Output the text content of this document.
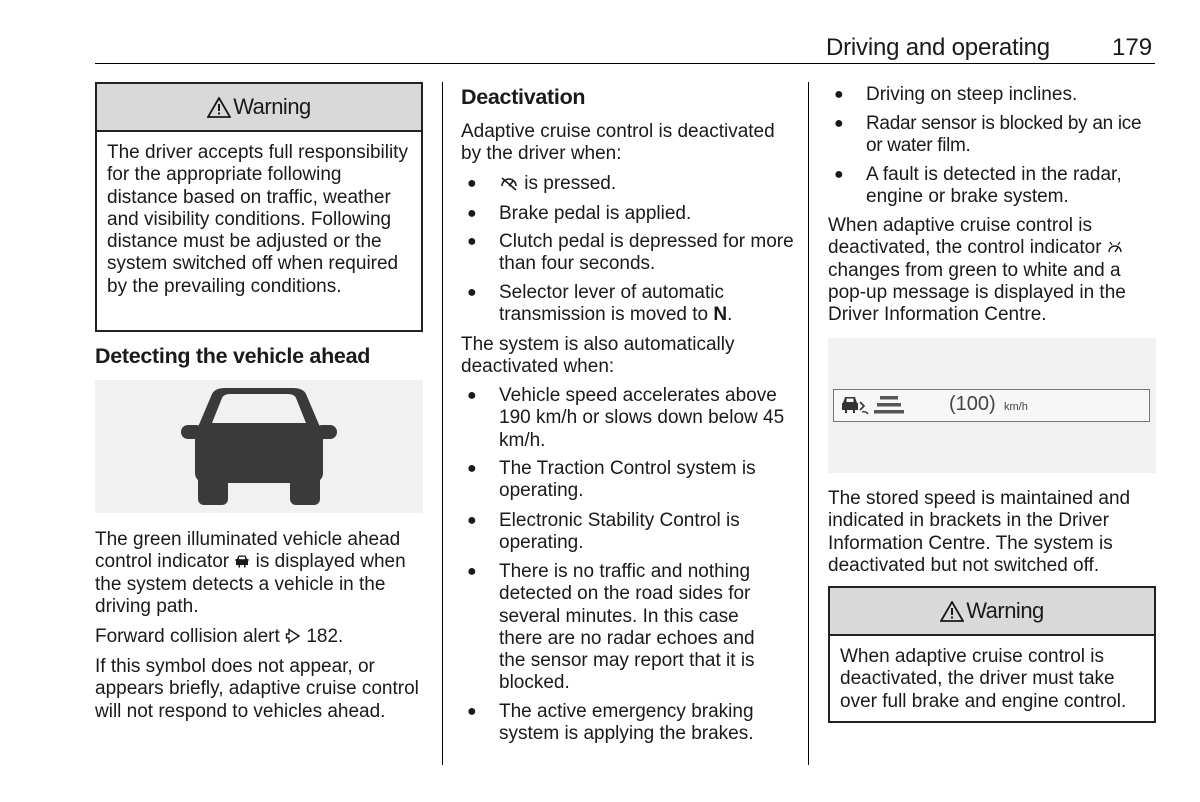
Driving and operating	179
Warning
The driver accepts full responsibility for the appropriate following distance based on traffic, weather and visibility conditions. Following distance must be adjusted or the system switched off when required by the prevailing conditions.
Detecting the vehicle ahead

The green illuminated vehicle ahead control indicator  is displayed when the system detects a vehicle in the driving path.

Forward collision alert  182.

If this symbol does not appear, or appears briefly, adaptive cruise control will not respond to vehicles ahead.

Deactivation

Adaptive cruise control is deactivated by the driver when:

●	is pressed.
● Brake pedal is applied.
● Clutch pedal is depressed for more than four seconds.
● Selector lever of automatic transmission is moved to N.

The system is also automatically deactivated when:

● Vehicle speed accelerates above 190 km/h or slows down below 45 km/h.
● The Traction Control system is operating.
● Electronic Stability Control is operating.
● There is no traffic and nothing detected on the road sides for several minutes. In this case there are no radar echoes and the sensor may report that it is blocked.
● The active emergency braking system is applying the brakes.
● Driving on steep inclines.
● Radar sensor is blocked by an ice or water film.
● A fault is detected in the radar, engine or brake system.

When adaptive cruise control is deactivated, the control indicator  changes from green to white and a pop-up message is displayed in the Driver Information Centre.

(100) km/h

The stored speed is maintained and indicated in brackets in the Driver Information Centre. The system is deactivated but not switched off.

Warning
When adaptive cruise control is deactivated, the driver must take over full brake and engine control.
